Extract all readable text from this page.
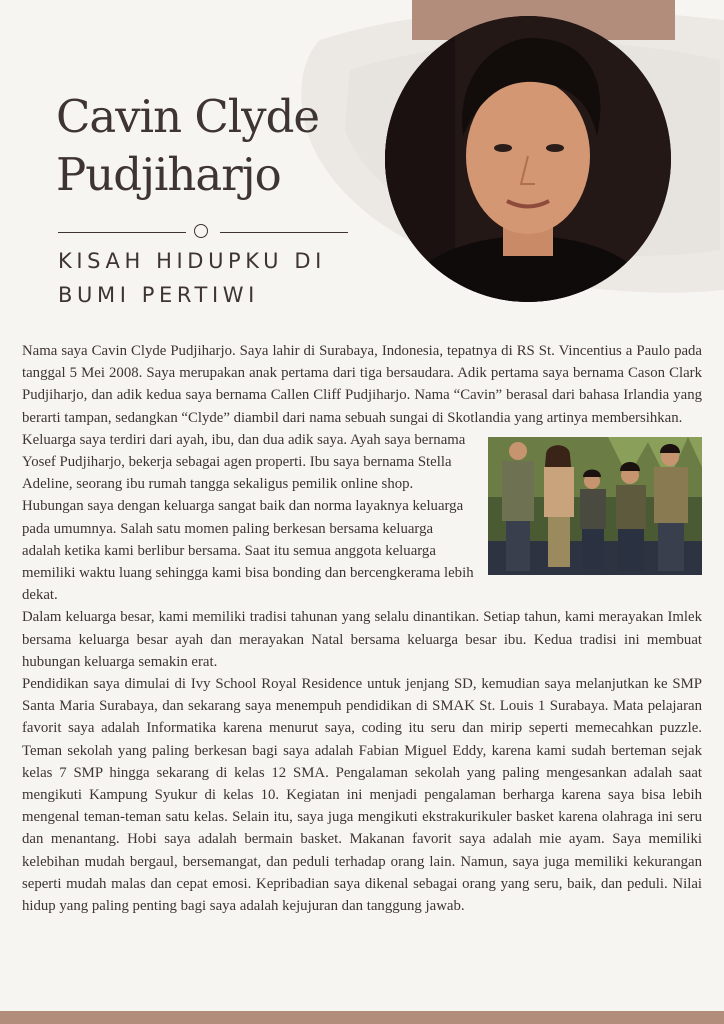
Cavin Clyde
Pudjiharjo
KISAH HIDUPKU DI
BUMI PERTIWI

Nama saya Cavin Clyde Pudjiharjo. Saya lahir di Surabaya, Indonesia, tepatnya di RS St. Vincentius a Paulo pada tanggal 5 Mei 2008. Saya merupakan anak pertama dari tiga bersaudara. Adik pertama saya bernama Cason Clark Pudjiharjo, dan adik kedua saya bernama Callen Cliff Pudjiharjo. Nama “Cavin” berasal dari bahasa Irlandia yang berarti tampan, sedangkan “Clyde” diambil dari nama sebuah sungai di Skotlandia yang artinya membersihkan.

Keluarga saya terdiri dari ayah, ibu, dan dua adik saya. Ayah saya bernama Yosef Pudjiharjo, bekerja sebagai agen properti. Ibu saya bernama Stella Adeline, seorang ibu rumah tangga sekaligus pemilik online shop. Hubungan saya dengan keluarga sangat baik dan norma layaknya keluarga pada umumnya. Salah satu momen paling berkesan bersama keluarga adalah ketika kami berlibur bersama. Saat itu semua anggota keluarga memiliki waktu luang sehingga kami bisa bonding dan bercengkerama lebih dekat.

Dalam keluarga besar, kami memiliki tradisi tahunan yang selalu dinantikan. Setiap tahun, kami merayakan Imlek bersama keluarga besar ayah dan merayakan Natal bersama keluarga besar ibu. Kedua tradisi ini membuat hubungan keluarga semakin erat.

Pendidikan saya dimulai di Ivy School Royal Residence untuk jenjang SD, kemudian saya melanjutkan ke SMP Santa Maria Surabaya, dan sekarang saya menempuh pendidikan di SMAK St. Louis 1 Surabaya. Mata pelajaran favorit saya adalah Informatika karena menurut saya, coding itu seru dan mirip seperti memecahkan puzzle. Teman sekolah yang paling berkesan bagi saya adalah Fabian Miguel Eddy, karena kami sudah berteman sejak kelas 7 SMP hingga sekarang di kelas 12 SMA. Pengalaman sekolah yang paling mengesankan adalah saat mengikuti Kampung Syukur di kelas 10. Kegiatan ini menjadi pengalaman berharga karena saya bisa lebih mengenal teman-teman satu kelas. Selain itu, saya juga mengikuti ekstrakurikuler basket karena olahraga ini seru dan menantang. Hobi saya adalah bermain basket. Makanan favorit saya adalah mie ayam. Saya memiliki kelebihan mudah bergaul, bersemangat, dan peduli terhadap orang lain. Namun, saya juga memiliki kekurangan seperti mudah malas dan cepat emosi. Kepribadian saya dikenal sebagai orang yang seru, baik, dan peduli. Nilai hidup yang paling penting bagi saya adalah kejujuran dan tanggung jawab.
